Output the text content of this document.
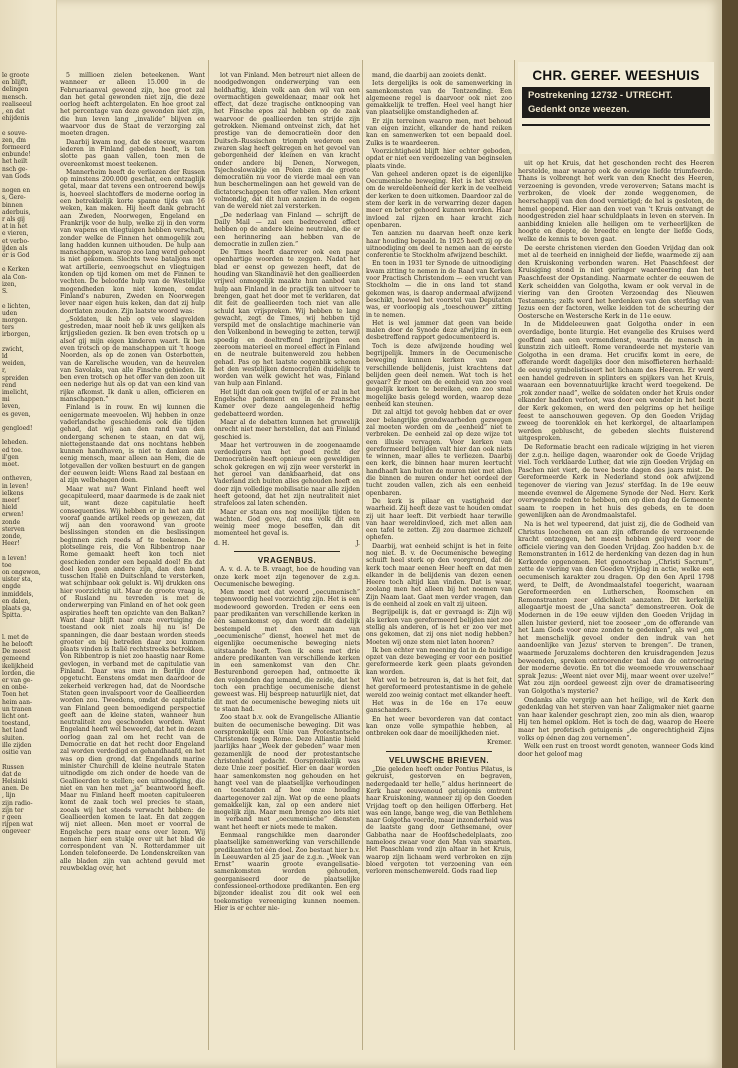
le groote
en blijft,
delingen
mensch.
realiseeul
, en dat
ehijdenis

e souve-
zen, dm
formeerd
enbunde!
het heilt
nsch ge-
van Gods

nogen en
s, Gere-
binnen
aderbuis,
r als gij
at in het
e vieren,
et verbo-
ijden als
er is God

e Kerken
ala Con-
izen,
S.

e lichten,
uden
morgen.
ters
irborgen,

zwicht,
ld
weiden,
r,
spreiden
rend
imelicht,
mi
leven,
es geven,

gengloed!

leheden.
ed toe.
il'gen
moet.

ontheven,
in leven!
ielkens
meer!
hield
erwen!
zonde
sterven
zonde,
Heer!

n leven!
toe
on ongewon,
uister sta,
engde
inmiddels,
en dalen,
plaats ga,
Spitta.

l. met de
he belooft
De meest
gemeend
ikelijkheid
lorden, die
er van ge-
en onbe-
Toen het
heim aan-
un tranen
licht ont-
toestand,
het land
sluiten.
ille zijden
ositie van

Russen
dat de
Helsinki
anen. De
, lijn
zijn radio-
zijn ter
r geen
rijpen wat
ongeveer

5 millioen zielen beteekenen. Want wanneer er alleen 15.000 in de Februariaanval gewond zijn, hoe groot zal dan het getal gewonden niet zijn, die deze oorlog heeft achtergelaten. En hoe groot zal het percentage van deze gewonden niet zijn, die hun leven lang „invalide” blijven en waarvoor dus de Staat de verzorging zal moeten dragen.

Daarbij kwam nog, dat de steeuw, waarom iederen in Finland gebeden heeft, is ten slotte pas gaan vallen, toen men de overeenkomst moest teekenen.

Mannerheim heeft de verliezen der Russen op minstens 200.000 geschat, een ontzaglijk getal, maar dat tevens een ontroerend bewijs is, hoeveel slachtoffers de moderne oorlog in een betrekkelijk korte spanne tijds van 16 weken, kan maken. Hij heeft dank gebracht aan Zweden, Noorwegen, Engeland en Frankrijk voor de hulp, welke zij in den vorm van wapens en vliegtuigen hebben verschaft, zonder welke de Finnen het onmogelijk zou lang hadden kunnen uithouden. De hulp aan manschappen, waarop zoo lang werd gehoopt is niet gekomen. Slechts twee bataljons met wat artillerie, eenvoegschut en vliegtuigen konden op tijd komen om met de Finnen te vechten. De beloofde hulp van de Westelijke mogendheden kon niet komen, omdat Finland's naburen, Zweden en Noorwegen lever naar eigen huis keken, dan dat zij hulp doortlaten zouden. Zijn laatste woord was:

„Soldaten, ik heb op vele slagvelden gestreden, maar nooit heb ik uws gelijken als krijgslieden gezien. Ik ben even trotsch op u alsof gij mijn eigen kinderen waart. Ik ben even trotsch op de manschappen uit 't hooge Noorden, als op de zonen van Osterbotten, van de Karelische wouden, van de heuvelen van Savolaks, van alle Finsche gebieden. Ik ben even trotsch op het offer van den zoon uit een nederige hut als op dat van een kind van rijke afkomst. Ik dank u allen, officieren en manschappen.”

Finland is in rouw. En wij kunnen die eenigermate meevoelen. Wij hebben in onze vaderlandsche geschiedenis ook die tijden gehad, dat wij aan den rand van den ondergang schenen te staan, en dat wij, niettegenstaande dat ons nochtans hebben kunnen handhaven, is niet te danken aan eenig mensch, maar alleen aan Hem, die de lotgevallen der volken bestuurt en de gangen der eeuwen leidt: Wiens Raad zal bestaan en al zijn welbehagen doen.

Maar wat nu? Want Finland heeft wel gecapituleerd, maar daarmede is de zaak niet uit, want deze capitulatie heeft consequenties. Wij hebben er in het aan dit vooraf gaande artikel reeds op gewezen, dat wij aan den voorawond van groote beslissingen stonden en die beslissingen beginnen zich reeds af te teekenen. De plotselinge reis, die Von Ribbentrop naar Rome gemaakt heeft kon toch niet geschieden zonder een bepaald doel! En dat doel kon geen andere zijn, dan den band tusschen Italië en Duitschland te versterken, wat schijnbaar ook gelukt is. Wij drukken ons hier voorzichtig uit. Maar de groote vraag is, of Rusland nu tevreden is met de onderwerping van Finland en of het ook geen aspiraties heeft ten opzichte van den Balkan? Want daar blijft naar onze overtuiging de toestand ook niet zoals hij nu is! De spanningen, die daar bestaan worden steeds grooter en bij betreden daar zou kunnen plaats vinden is Italië rechtstreeks betrokken. Von Ribbentrop is niet zoo haastig naar Rome gevlogen, in verband met de capitulatie van Finland. Daar was men in Berlijn door opgetucht. Eenstens omdat men daardoor de zekerheid verkregen had, dat de Noordsche Staten geen invalspoort voor de Geallieerden worden zou. Tweedens, omdat de capitulatie van Finland geen bemoedigend perspectief geeft aan de kleine staten, wanneer hun neutraliteit zou geschonden worden. Want Engeland heeft wel beweerd, dat het in dezen oorlog gaan zal om het recht van de Democratie en dat het recht door Engeland zal worden verdedigd en gehandhaafd, en het was op dien grond, dat Engelands marine minister Churchill de kleine neutrale Staten uitnodigde om zich onder de hoede van de Geallieerden te stellen; een uitnoodiging, die niet en van hen met „ja” beantwoord heeft. Maar nu Finland heeft moeten capituleeren komt de zaak toch wel precies te staan, zooals wij het steeds verwacht hebben: de Geallieerden komen te laat. En dat zeggen wij niet alleen. Men moet er voorral de Engelsche pers maar eens over lezen. Wij nemen hier een stukje over uit het blad de correspondent van N. Rotterdammer uit Londen telefoneerde. De Londenskreiken van alle bladen zijn van achtend gevuld met reuwbeklag over, het

lot van Finland. Men betreurt niet alleen de noodgedwongen onderwerping van een heldhaftig, klein volk aan den wil van een overmachtigen geweldenaar, maar ook het effect, dat deze tragische ontknooping van het Finsche epos zal hebben op de zaak waarvoor de geallieerden ten strijde zijn getrokken. Niemand ontveinst zich, dat het prestige van de democratieën door den Duitsch–Russischen triomph wederom een zwaren slag heeft gekregen en het gevoel van geborgenheid der kleinen en van kracht onder andere bij Denen, Norwegen, Tsjechoslowakije en Polen zien de groote democratiën nu voor de vierde maal een van hun beschermelingen aan het geweld van de dictatorschappen ten offer vallen. Men erkent volmondig, dat dit hun aanzien in de oogen van de wereld niet zal versterken.

„De nederlaag van Finland — schrijft de Daily Mail — zal een bedroevend effect hebben op de andere kleine neutralen, die er een herinnering aan hebben van de democratie in zullen zien.”

De Times heeft daarover ook een paar openhartige woorden te zeggen. Nadat het blad er eenst op gewezen heeft, dat de houding van Skandinavië het den geallieerden vrijwel onmogelijk maakte hun aanbod van hulp aan Finland in de practijk ten uitvoer te brengen, gaat het door met te verklaren, dat dit feit de geallieerden toch niet van alle schuld kan vrijspreken. Wij hebben te lang gewacht, zegt de Times, wij hebben tijd verspild met de onslachtige machinerie van den Volkenbond in beweging te zetten, terwijl spoedig en doeltreffend ingrijpen een zeeroom materieel en moreel effect in Finland en de neutrale buitenwereld zou hebben gehad. Pas op het laatste oogenblik schenen het den westelijken democratiën duidelijk te worden van welk gewicht het was, Finland van hulp aan Finland.

Het lijdt dan ook geen twijfel of er zal in het Engelsche parlement en in de Fransche Kamer over deze aangelegenheid heftig gedebatteerd worden.

Maar al de debatten kunnen het gruwelijk onrecht niet meer herstellen, dat aan Finland geschied is.

Maar het vertrouwen in de zoogenaamde verdedigers van het goed recht der Democratieën heeft opnieuw een geweldigen schok gekregen en wij zijn weer versterkt in het geroel van dankbaarheid, dat ons Vaderland zich buiten alles gehouden heeft en door zijn volledige mobilisatie naar alle zijden heeft getoond, dat het zijn neutraliteit niet strafeloos zal laten schenden.

Maar er staan ons nog moeilijke tijden te wachten. God geve, dat ons volk dit een weinig meer moge beseffen, dan dit momenteel het geval is.

d. H.	J.
VRAGENBUS.

A. v. d. A. te B. vraagt, hoe de houding van onze kerk moet zijn tegenover de z.g.n. Oecumenische beweging.

Men moet met dat woord „oecumenisch” tegenwoordig heel voorzichtig zijn. Het is een modewoord geworden. Treden er eens een paar predikanten van verschillende kerken in één samenkomst op, dan wordt dit dadelijk bestempeld met den naam van „oecumenische” dienst, hoewel het met de eigenlijke oecumenische beweging niets uitstaande heeft. Toen ik eens met drie andere predikanten van verschillende kerken in een samenkomst van den Chr. Besturenbond geroepen had, ontmoette ik den volgenden dag iemand, die zeide, dat het toch een prachtige oecumenische dienst geweest was. Hij bespreep natuurlijk niet, dat dit met de oecumenische beweging niets uit te staan had.

Zoo staat b.v. ook de Evangelische Alliantie buiten de oecumenische beweging. Dit was oorspronkelijk een Unie van Protestantsche Christenen tegen Rome. Deze Alliantie hield jaarlijks haar „Week der gebeden” waar men gezamenlijk de nood der protestantsche christenheid gedacht. Oorspronkelijk was deze Unie zeer positief. Hier en daar worden haar samenkomsten nog gehouden en het hangt veel van de plaatselijke verhoudingen en toestanden af hoe onze houding daartegenover zal zijn. Wat op de eene plaats gemakkelijk kan, zal op een andere niet mogelijk zijn. Maar men brenge zoo iets niet in verband met „oecumenische” diensten want het heeft er niets mede te maken.

Eenmaal rangschikke men daaronder plaatselijke samenwerking van verschillende predikanten tot één doel. Zoo bestaat hier b.v. in Leeuwarden al 25 jaar de z.g.n. „Week van Ernst” waarin groote evangelisatie-samenkomsten worden gehouden, georganiseerd door de plaatselijke confessioneel-orthodoxe predikanten. Een erg bijzonder idealist zou dit ook wel een toekomstige vereeniging kunnen noemen. Hier is er echter nie-

mand, die daarbij aan zooiets denkt.

Iets dergelijks is ook de samenwerking in samenkomsten van de Tentzending. Een algemeene regel is daarvoor ook niet zoo gemakkelijk te treffen. Heel veel hangt hier van plaatselijke omstandigheden af.

Er zijn terreinen waarop men, met behoud van eigen inzicht, elkander de hand reiken kan en samenwerken tot een bepaald doel. Zulks is te waardeeren.

Voorzichtigheid blijft hier echter geboden, opdat er niet een verdoezeling van beginselen plaats vinde.

Van geheel anderen opzet is de eigenlijke Oecumenische beweging. Het is het streven om de wereldeëenheid der kerk in de veelheid der kerken te doen uitkomen. Daardoor zal de stem der kerk in de verwarring dezer dagen meer en beter gehoord kunnen worden. Haar invloed zal rijzen en haar kracht zich openbaren.

Ten aanzien nu daarvan heeft onze kerk haar houding bepaald. In 1925 heeft zij op de uitnoodiging om deel te nemen aan de eerste conferentie te Stockholm afwijzend beschikt.

En toen in 1931 ter Synode de uitnoodiging kwam zitting te nemen in de Raad van Kerken voor Practisch Christendom — een vrucht van Stockholm — die in ons land tot stand gekomen was, is daarop andermaal afwijzend beschikt, hoewel het voorstel van Deputaten was, er voorloopig als „toeschouwer” zitting in te nemen.

Het is wel jammer dat geen van beide malen door de Synode deze afwijzing in een desbetreffend rapport gedocumenteerd is.

Toch is deze afwijzende houding wel begrijpelijk. Immers in de Oecumenische beweging kunnen kerken van zeer verschillende belijdenis, juist krachtens dat belijden geen deel nemen. Wat toch is het gevaar? Er moet om de eenheid van zoo veel mogelijk kerken te bereiken, een zoo smal mogelijke basis gelegd worden, waarop deze eenheid kan steunen.

Dit zal altijd tot gevolg hebben dat er over zeer belangrijke grondwaarheden gezwegen zal moeten worden om de „eenheid” niet te verbreken. De eenheid zal op deze wijze tot een illusie vervagen. Voor kerken van gereformeerd belijden valt hier dan ook niets te winnen, maar alles te verliezen. Daarbij een kerk, die binnen haar muren leertucht handhaaft kan buiten de muren niet met allen die binnen de muren onder het oordeel der tucht zouden vallen, zich als een eenheid openbaren.

De kerk is pilaar en vastigheid der waarheid. Zij heeft deze vast te houden omdat zij uit haar leeft. Dit verbiedt haar terwille van haar wereldinvloed, zich met allen aan een tafel te zetten. Zij zou daarmee zichzelf ophefen.

Daarbij, wat eenheid schijnt is het in feite nog niet. B. v. de Oecumenische beweging schuift heel sterk op den voorgrond, dat de kerk toch maar eenen Heer heeft en dat men elkander in de belijdenis van dezen eenen Heere toch altijd kan vinden. Dat is waar, zoolang men het alleen bij het noemen van Zijn Naam laat. Gaat men verder vragen, dan is de eenheid al zoek en valt zij uiteen.

Begrijpelijk is, dat er gevraagd is: Zijn wij als kerken van gereformeerd belijden niet zoo stellig als anderen, of is het er zoo ver met ons gekomen, dat zij ons niet nodig hebben? Moeten wij onze stem niet laten hooren?

Ik ben echter van meening dat in de huidige opzet van deze beweging er voor een positief gereformeerde kerk geen plaats gevonden kan worden.

Wat wel te betreuren is, dat is het feit, dat het gereformeerd protestantisme in de gehele wereld zoo weinig contact met elkander heeft.

Het was in de 16e en 17e eeuw ganschanders.

En het weer bevorderen van dat contact kan onze volle sympathie hebben, al ontbreken ook daar de moeilijkheden niet.

Kremer.
VELUWSCHE BRIEVEN.

„Die geleden heeft onder Pontius Pilatus, is gekruist, gestorven en begraven, nedergedaald ter helle,” aldus herinneert de Kerk haar eeuwenoud getuigenis omtrent haar Kruiskoning, wanneer zij op den Goeden Vrijdag toeft op den heiligen Offerberg. Het was een lange, bange weg, die van Bethlehem naar Golgotha voerde, maar inzonderheid was de laatste gang door Gethsemané, over Gabbatha naar de Hoofdschedelplaats, zoo nameloos zwaar voor den Man van smarten. Het Paaschlam vond zijn altaar in het Kruis, waarop zijn lichaam werd verbroken en zijn bloed vergoten tot verzoening van een verloren menschenwereld. Gods raad liep

CHR. GEREF. WEESHUIS
Postrekening 12732 - UTRECHT.
Gedenkt onze weezen.

uit op het Kruis, dat het geschonden recht des Heeren herstelde, maar waarop ook de eeuwige liefde triumfeerde. Thans is volbrengt het werk van den Knecht des Heeren, verzoening is gevonden, vrede veroverven; Satans macht is verbroken, de vloek der zonde weggenomen, de heerschappij van den dood vernietigd; de hel is gesloten, de hemel geopend. Hier aan den voet van 't Kruis ontvangt de noodgestreden ziel haar schuldplaats in leven en sterven. In aanbidding knielen alle heiligen om te verheerlijken de hoogte en diepte, de breedte en lengte der liefde Gods, welke de kennis te boven gaat.

De eerste christenen vierden den Goeden Vrijdag dan ook met al de teerheid en innigheid der liefde, waarmede zij aan den Kruiskoning verbonden waren. Het Paaschfeest der Kruisiging stond in niet geringer waardeering dan het Paaschfeest der Opstanding. Naarmate echter de eeuwen de Kerk scheidden van Golgotha, kwam er ook verval in de viering van den Grooten Verzoendag des Nieuwen Testaments; zelfs werd het herdenken van den sterfdag van Jezus een der factoren, welke leidden tot de scheuring der Oostersche en Westersche Kerk in de 11e eeuw.

In de Middeleeuwen gaat Golgotha onder in een overdadige, bonte liturgie. Het evangelie des Kruises werd geoffend aan een vormendienst, waarin de mensch in kunstzin zich uitleeft. Rome verandeerde net mysterie van Golgotha in een drama. Het crucifix komt in eere, de offerande wordt dagelijks door den misoffieteren herhaald: de eeuwig symbolistiseert het lichaam des Heeren. Er werd een handel gedreven in splinters en spijkers van het Kruis, waaraan een bovennatuurlijke kracht werd toegekend. De „rok zonder naad”, welke de soldaten onder het Kruis onder elkander hadden verloot, was door een wonder in het bezit der Kerk gekomen, en werd den pelgrims op het heilige feest te aanschouwen gegeven. Op den Goeden Vrijdag zweeg de toorenklok en het kerkorgel, de altaarlampen werden gebluscht, de gebeden slechts fluisterend uitgesproken.

De Reformatie bracht een radicale wijziging in het vieren der z.g.n. heilige dagen, waaronder ook de Goede Vrijdag viel. Toch verklaarde Luther, dat wie zijn Goeden Vrijdag en Paschen niet viert, de twee beste dagen des jaars mist. De Gereformeerde Kerk in Nederland stond ook afwijzend tegenover de viering van Jezus' sterfdag. In de 19e eeuw meende evenwel de Algemene Synode der Ned. Herv. Kerk overwegende reden te hebben, om op dien dag de Gemeente saam te roepen in het huis des gebeds, en te doen gewenlijken aan de Avondmaalstafel.

Na is het wel typeerend, dat juist zij, die de Godheid van Christus loochenen en aan zijn offerande de verzoenende kracht ontzeggen, het meest hebben geijverd voor de officiele viering van den Goeden Vrijdag. Zoo hadden b.v. de Remonstranten in 1612 de herdenking van dezen dag in hun Kerkorde opgenomen. Het genootschap „Christi Sacrum”, zette de viering van den Goeden Vrijdag in actie, welke een oecumenisch karakter zou dragen. Op den 6en April 1798 werd, te Delft, de Avondmaalstafel toegericht, waaraan Gereformeerden en Lutherschen, Roomschen en Remonstranten zeer eldichkeit aanzaten. Dit kerkelijk allegaartje moest de „Una sancta” demonstreeren. Ook de Modernen in de 19e eeuw vijlden den Goeden Vrijdag in allen luister gevierd, niet toe zooseer „om de offerande van het Lam Gods voor onze zonden te gedenken”, als wel „om het menschelijk gevoel onder den indruk van het aandoenlijke van Jezus' sterven te brengen”. De tranen, waarmede Jeruzalems dochteren den kruisdragenden Jezus beweenden, spreken ontroerender taal dan de ontroering der moderne devotie. En tot die weemoede vrouwenschaar sprak Jezus: „Weent niet over Mij, maar weent over uzelve!” Wat zou zijn oordeel geweest zijn over de dramatiseering van Golgotha's mysterie?

Ondanks alle vergrijp aan het heilige, wil de Kerk den gedenkdag van het sterven van haar Zaligmaker niet gaarne van haar kalender geschrapt zien, zoo min als dien, waarop Hij ten hemel opklom. Het is toch de dag, waarop de Heere maar het profetisch getuigenis „de ongerechtigheid Zijns volks op éénen dag zou vernemen”.

Welk een rust en troost wordt genoten, wanneer Gods kind door het geloof mag
